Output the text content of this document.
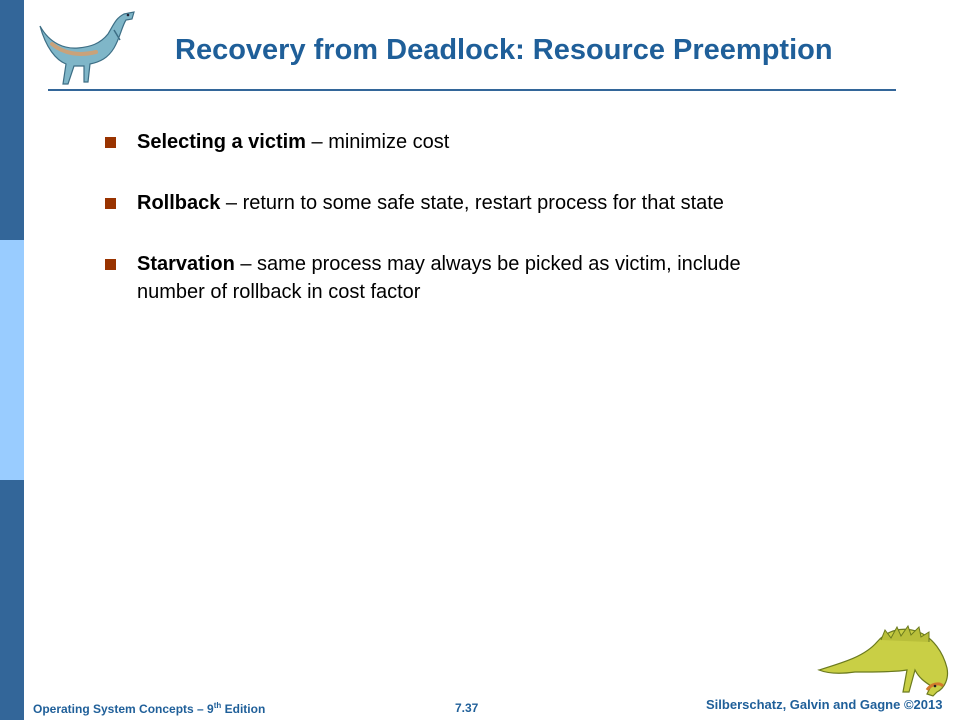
Recovery from Deadlock: Resource Preemption
Selecting a victim – minimize cost
Rollback – return to some safe state, restart process for that state
Starvation – same process may always be picked as victim, include number of rollback in cost factor
Operating System Concepts – 9th Edition	7.37	Silberschatz, Galvin and Gagne ©2013
